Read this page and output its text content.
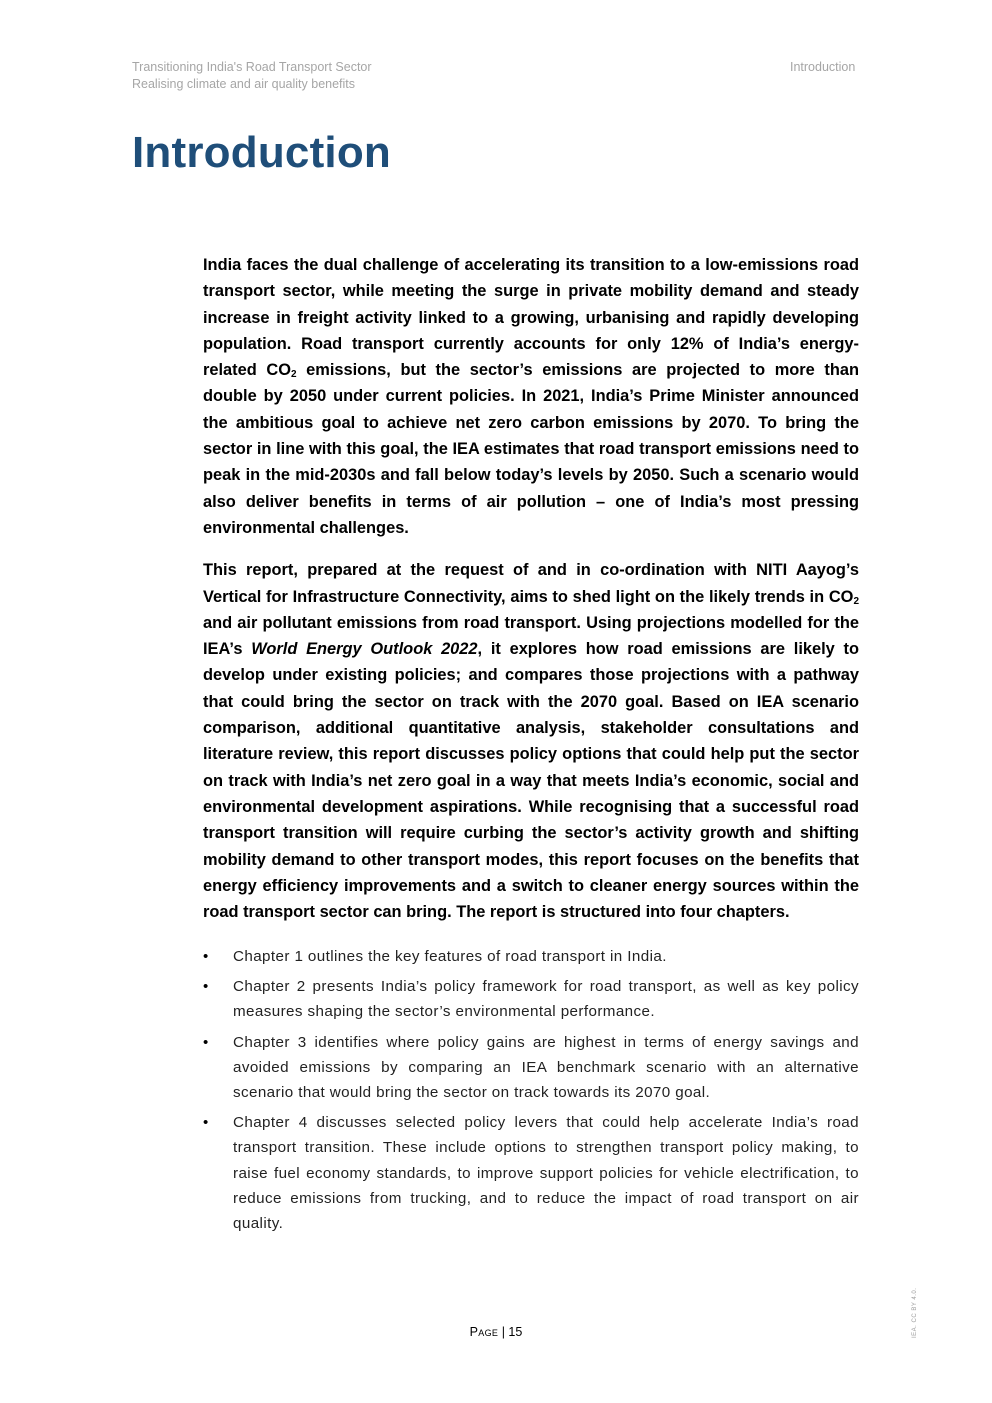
Transitioning India's Road Transport Sector
Realising climate and air quality benefits
Introduction
Introduction

India faces the dual challenge of accelerating its transition to a low-emissions road transport sector, while meeting the surge in private mobility demand and steady increase in freight activity linked to a growing, urbanising and rapidly developing population. Road transport currently accounts for only 12% of India’s energy-related $CO_2$ emissions, but the sector’s emissions are projected to more than double by 2050 under current policies. In 2021, India’s Prime Minister announced the ambitious goal to achieve net zero carbon emissions by 2070. To bring the sector in line with this goal, the IEA estimates that road transport emissions need to peak in the mid-2030s and fall below today’s levels by 2050. Such a scenario would also deliver benefits in terms of air pollution – one of India’s most pressing environmental challenges.

This report, prepared at the request of and in co-ordination with NITI Aayog’s Vertical for Infrastructure Connectivity, aims to shed light on the likely trends in $CO_2$ and air pollutant emissions from road transport. Using projections modelled for the IEA’s World Energy Outlook 2022, it explores how road emissions are likely to develop under existing policies; and compares those projections with a pathway that could bring the sector on track with the 2070 goal. Based on IEA scenario comparison, additional quantitative analysis, stakeholder consultations and literature review, this report discusses policy options that could help put the sector on track with India’s net zero goal in a way that meets India’s economic, social and environmental development aspirations. While recognising that a successful road transport transition will require curbing the sector’s activity growth and shifting mobility demand to other transport modes, this report focuses on the benefits that energy efficiency improvements and a switch to cleaner energy sources within the road transport sector can bring. The report is structured into four chapters.

• Chapter 1 outlines the key features of road transport in India.
• Chapter 2 presents India’s policy framework for road transport, as well as key policy measures shaping the sector’s environmental performance.
• Chapter 3 identifies where policy gains are highest in terms of energy savings and avoided emissions by comparing an IEA benchmark scenario with an alternative scenario that would bring the sector on track towards its 2070 goal.
• Chapter 4 discusses selected policy levers that could help accelerate India’s road transport transition. These include options to strengthen transport policy making, to raise fuel economy standards, to improve support policies for vehicle electrification, to reduce emissions from trucking, and to reduce the impact of road transport on air quality.
Page | 15	IEA. CC BY 4.0.
